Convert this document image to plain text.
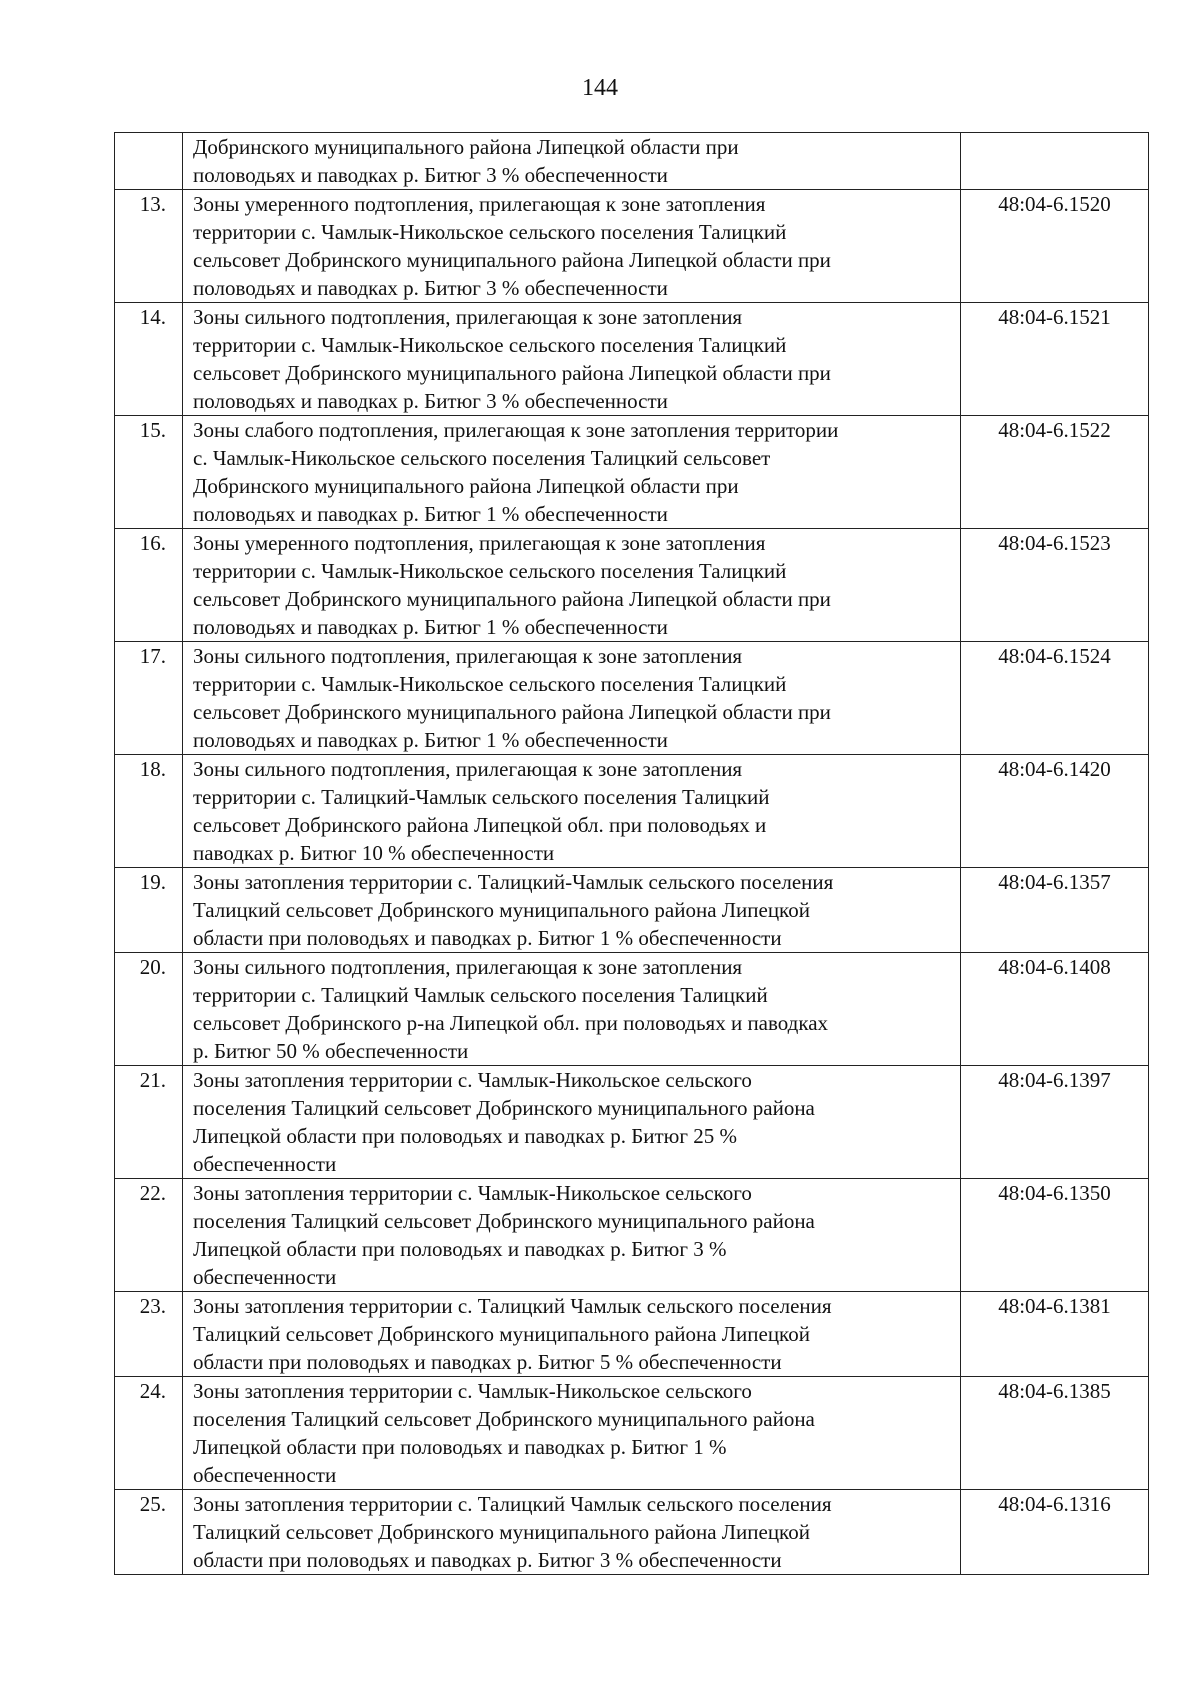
144

	Добринского муниципального района Липецкой области при
половодьях и паводках р. Битюг 3 % обеспеченности	

13.	Зоны умеренного подтопления, прилегающая к зоне затопления
территории с. Чамлык-Никольское сельского поселения Талицкий
сельсовет Добринского муниципального района Липецкой области при
половодьях и паводках р. Битюг 3 % обеспеченности	48:04-6.1520
14.	Зоны сильного подтопления, прилегающая к зоне затопления
территории с. Чамлык-Никольское сельского поселения Талицкий
сельсовет Добринского муниципального района Липецкой области при
половодьях и паводках р. Битюг 3 % обеспеченности	48:04-6.1521
15.	Зоны слабого подтопления, прилегающая к зоне затопления территории
с. Чамлык-Никольское сельского поселения Талицкий сельсовет
Добринского муниципального района Липецкой области при
половодьях и паводках р. Битюг 1 % обеспеченности	48:04-6.1522
16.	Зоны умеренного подтопления, прилегающая к зоне затопления
территории с. Чамлык-Никольское сельского поселения Талицкий
сельсовет Добринского муниципального района Липецкой области при
половодьях и паводках р. Битюг 1 % обеспеченности	48:04-6.1523
17.	Зоны сильного подтопления, прилегающая к зоне затопления
территории с. Чамлык-Никольское сельского поселения Талицкий
сельсовет Добринского муниципального района Липецкой области при
половодьях и паводках р. Битюг 1 % обеспеченности	48:04-6.1524
18.	Зоны сильного подтопления, прилегающая к зоне затопления
территории с. Талицкий-Чамлык сельского поселения Талицкий
сельсовет Добринского района Липецкой обл. при половодьях и
паводках р. Битюг 10 % обеспеченности	48:04-6.1420
19.	Зоны затопления территории с. Талицкий-Чамлык сельского поселения
Талицкий сельсовет Добринского муниципального района Липецкой
области при половодьях и паводках р. Битюг 1 % обеспеченности	48:04-6.1357
20.	Зоны сильного подтопления, прилегающая к зоне затопления
территории с. Талицкий Чамлык сельского поселения Талицкий
сельсовет Добринского р-на Липецкой обл. при половодьях и паводках
р. Битюг 50 % обеспеченности	48:04-6.1408
21.	Зоны затопления территории с. Чамлык-Никольское сельского
поселения Талицкий сельсовет Добринского муниципального района
Липецкой области при половодьях и паводках р. Битюг 25 %
обеспеченности	48:04-6.1397
22.	Зоны затопления территории с. Чамлык-Никольское сельского
поселения Талицкий сельсовет Добринского муниципального района
Липецкой области при половодьях и паводках р. Битюг 3 %
обеспеченности	48:04-6.1350
23.	Зоны затопления территории с. Талицкий Чамлык сельского поселения
Талицкий сельсовет Добринского муниципального района Липецкой
области при половодьях и паводках р. Битюг 5 % обеспеченности	48:04-6.1381
24.	Зоны затопления территории с. Чамлык-Никольское сельского
поселения Талицкий сельсовет Добринского муниципального района
Липецкой области при половодьях и паводках р. Битюг 1 %
обеспеченности	48:04-6.1385
25.	Зоны затопления территории с. Талицкий Чамлык сельского поселения
Талицкий сельсовет Добринского муниципального района Липецкой
области при половодьях и паводках р. Битюг 3 % обеспеченности	48:04-6.1316
